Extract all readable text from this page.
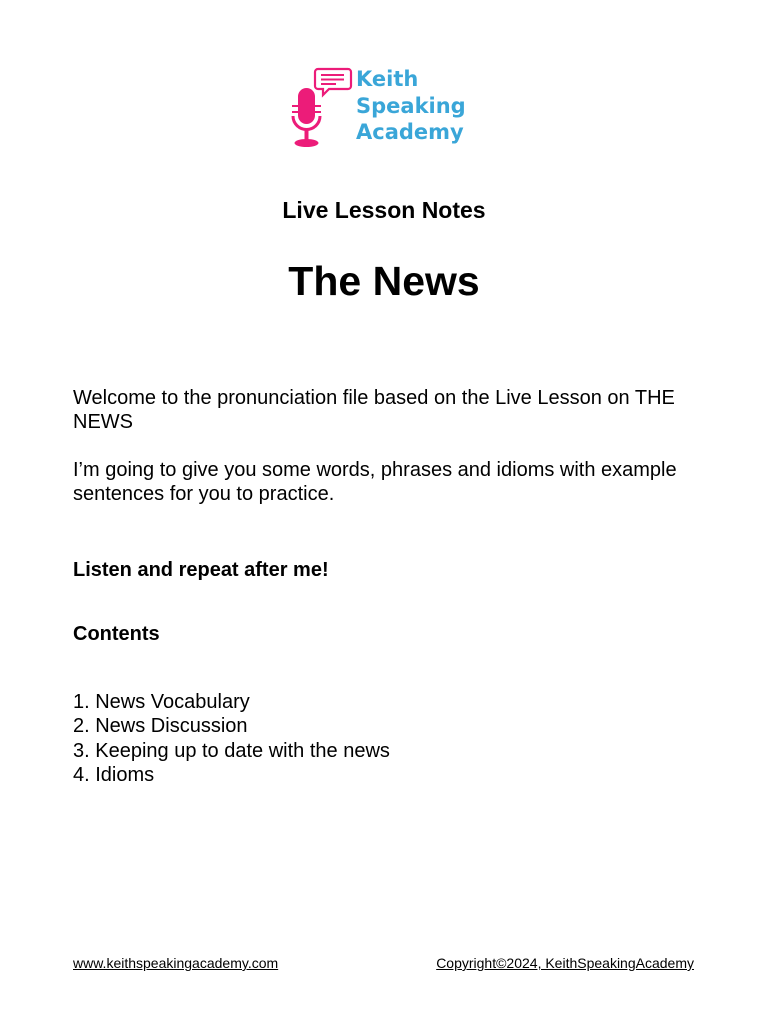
Keith
Speaking
Academy
Live Lesson Notes
The News

Welcome to the pronunciation file based on the Live Lesson on THE NEWS

I’m going to give you some words, phrases and idioms with example sentences for you to practice.

Listen and repeat after me!
Contents
1. News Vocabulary
2. News Discussion
3. Keeping up to date with the news
4. Idioms
www.keithspeakingacademy.com	Copyright©2024, KeithSpeakingAcademy
